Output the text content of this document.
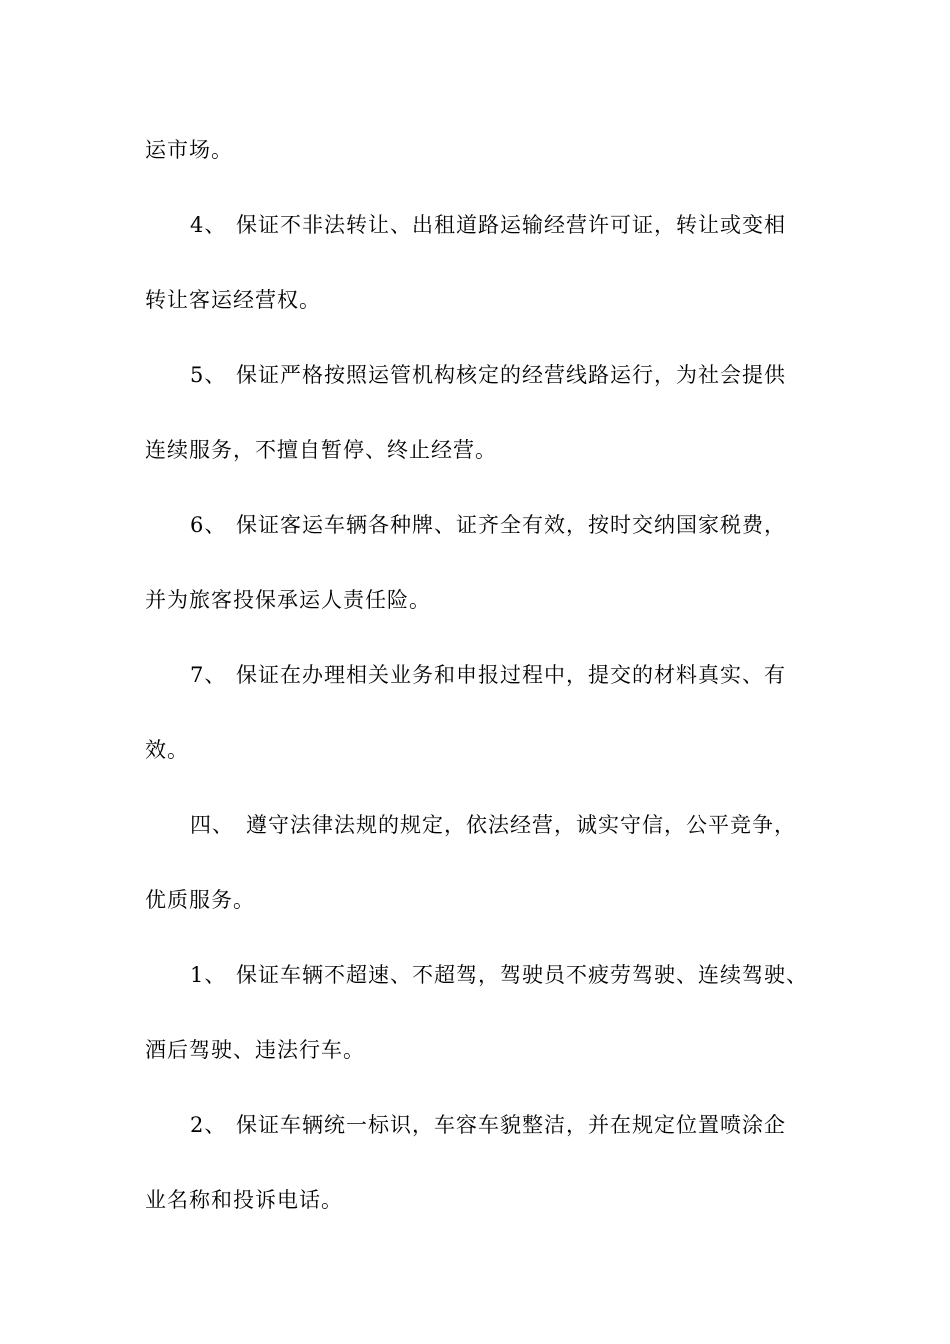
运市场。
4、 保证不非法转让、出租道路运输经营许可证，转让或变相
转让客运经营权。
5、 保证严格按照运管机构核定的经营线路运行，为社会提供
连续服务，不擅自暂停、终止经营。
6、 保证客运车辆各种牌、证齐全有效，按时交纳国家税费，
并为旅客投保承运人责任险。
7、 保证在办理相关业务和申报过程中，提交的材料真实、有
效。
四、 遵守法律法规的规定，依法经营，诚实守信，公平竞争，
优质服务。
1、 保证车辆不超速、不超驾，驾驶员不疲劳驾驶、连续驾驶、
酒后驾驶、违法行车。
2、 保证车辆统一标识，车容车貌整洁，并在规定位置喷涂企
业名称和投诉电话。
